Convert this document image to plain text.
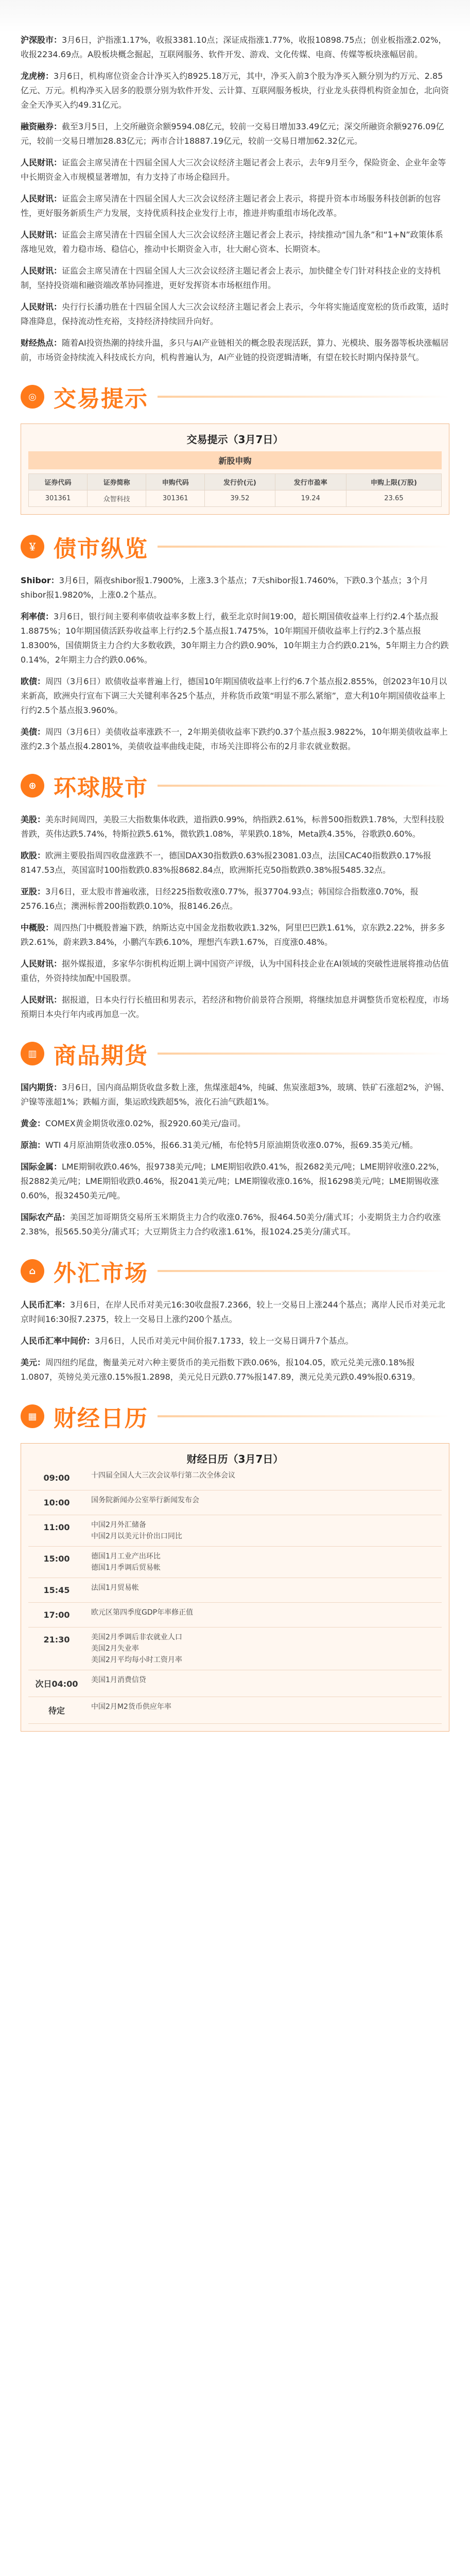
沪深股市：3月6日，沪指涨1.17%，收报3381.10点；深证成指涨1.77%，收报10898.75点；创业板指涨2.02%，收报2234.69点。A股板块概念掘起，互联网服务、软件开发、游戏、文化传媒、电商、传媒等板块涨幅居前。

龙虎榜：3月6日，机构席位资金合计净买入约8925.18万元，其中，净买入前3个股为净买入额分别为约万元、2.85亿元、万元。机构净买入居多的股票分别为软件开发、云计算、互联网服务板块，行业龙头获得机构资金加仓，北向资金全天净买入约49.31亿元。

融资融券：截至3月5日，上交所融资余额9594.08亿元，较前一交易日增加33.49亿元；深交所融资余额9276.09亿元，较前一交易日增加28.83亿元；两市合计18887.19亿元，较前一交易日增加62.32亿元。

人民财讯：证监会主席吴清在十四届全国人大三次会议经济主题记者会上表示，去年9月至今，保险资金、企业年金等中长期资金入市规模显著增加，有力支持了市场企稳回升。

人民财讯：证监会主席吴清在十四届全国人大三次会议经济主题记者会上表示，将提升资本市场服务科技创新的包容性，更好服务新质生产力发展，支持优质科技企业发行上市，推进并购重组市场化改革。

人民财讯：证监会主席吴清在十四届全国人大三次会议经济主题记者会上表示，持续推动“国九条”和“1+N”政策体系落地见效，着力稳市场、稳信心，推动中长期资金入市，壮大耐心资本、长期资本。

人民财讯：证监会主席吴清在十四届全国人大三次会议经济主题记者会上表示，加快健全专门针对科技企业的支持机制，坚持投资端和融资端改革协同推进，更好发挥资本市场枢纽作用。

人民财讯：央行行长潘功胜在十四届全国人大三次会议经济主题记者会上表示，今年将实施适度宽松的货币政策，适时降准降息，保持流动性充裕，支持经济持续回升向好。

财经热点：随着AI投资热潮的持续升温，多只与AI产业链相关的概念股表现活跃，算力、光模块、服务器等板块涨幅居前，市场资金持续流入科技成长方向，机构普遍认为，AI产业链的投资逻辑清晰，有望在较长时期内保持景气。

◎ 交易提示
交易提示（3月7日）
新股申购
证券代码	证券简称	申购代码	发行价(元)	发行市盈率	申购上限(万股)
301361	众智科技	301361	39.52	19.24	23.65
￥ 债市纵览

Shibor：3月6日，隔夜shibor报1.7900%，上涨3.3个基点；7天shibor报1.7460%，下跌0.3个基点；3个月shibor报1.9820%，上涨0.2个基点。

利率债：3月6日，银行间主要利率债收益率多数上行，截至北京时间19:00，超长期国债收益率上行约2.4个基点报1.8875%；10年期国债活跃券收益率上行约2.5个基点报1.7475%，10年期国开债收益率上行约2.3个基点报1.8300%，国债期货主力合约大多数收跌，30年期主力合约跌0.90%，10年期主力合约跌0.21%，5年期主力合约跌0.14%，2年期主力合约跌0.06%。

欧债：周四（3月6日）欧债收益率普遍上行，德国10年期国债收益率上行约6.7个基点报2.855%，创2023年10月以来新高，欧洲央行宣布下调三大关键利率各25个基点，并称货币政策“明显不那么紧缩”，意大利10年期国债收益率上行约2.5个基点报3.960%。

美债：周四（3月6日）美债收益率涨跌不一，2年期美债收益率下跌约0.37个基点报3.9822%，10年期美债收益率上涨约2.3个基点报4.2801%，美债收益率曲线走陡，市场关注即将公布的2月非农就业数据。

⊕ 环球股市

美股：美东时间周四，美股三大指数集体收跌，道指跌0.99%，纳指跌2.61%，标普500指数跌1.78%，大型科技股普跌，英伟达跌5.74%，特斯拉跌5.61%，微软跌1.08%，苹果跌0.18%，Meta跌4.35%，谷歌跌0.60%。

欧股：欧洲主要股指周四收盘涨跌不一，德国DAX30指数跌0.63%报23081.03点，法国CAC40指数跌0.17%报8147.53点，英国富时100指数跌0.83%报8682.84点，欧洲斯托克50指数跌0.38%报5485.32点。

亚股：3月6日，亚太股市普遍收涨，日经225指数收涨0.77%，报37704.93点；韩国综合指数涨0.70%，报2576.16点；澳洲标普200指数跌0.10%，报8146.26点。

中概股：周四热门中概股普遍下跌，纳斯达克中国金龙指数收跌1.32%，阿里巴巴跌1.61%，京东跌2.22%，拼多多跌2.61%，蔚来跌3.84%，小鹏汽车跌6.10%，理想汽车跌1.67%，百度涨0.48%。

人民财讯：据外媒报道，多家华尔街机构近期上调中国资产评级，认为中国科技企业在AI领域的突破性进展将推动估值重估，外资持续加配中国股票。

人民财讯：据报道，日本央行行长植田和男表示，若经济和物价前景符合预期，将继续加息并调整货币宽松程度，市场预期日本央行年内或再加息一次。

▥ 商品期货

国内期货：3月6日，国内商品期货收盘多数上涨，焦煤涨超4%，纯碱、焦炭涨超3%，玻璃、铁矿石涨超2%，沪锡、沪镍等涨超1%；跌幅方面，集运欧线跌超5%，液化石油气跌超1%。

黄金：COMEX黄金期货收涨0.02%，报2920.60美元/盎司。

原油：WTI 4月原油期货收涨0.05%，报66.31美元/桶，布伦特5月原油期货收涨0.07%，报69.35美元/桶。

国际金属：LME期铜收跌0.46%，报9738美元/吨；LME期铝收跌0.41%，报2682美元/吨；LME期锌收涨0.22%，报2882美元/吨；LME期铅收跌0.46%，报2041美元/吨；LME期镍收涨0.16%，报16298美元/吨；LME期锡收涨0.60%，报32450美元/吨。

国际农产品：美国芝加哥期货交易所玉米期货主力合约收涨0.76%，报464.50美分/蒲式耳；小麦期货主力合约收涨2.38%，报565.50美分/蒲式耳；大豆期货主力合约收涨1.61%，报1024.25美分/蒲式耳。

⌂ 外汇市场

人民币汇率：3月6日，在岸人民币对美元16:30收盘报7.2366，较上一交易日上涨244个基点；离岸人民币对美元北京时间16:30报7.2375，较上一交易日上涨约200个基点。

人民币汇率中间价：3月6日，人民币对美元中间价报7.1733，较上一交易日调升7个基点。

美元：周四纽约尾盘，衡量美元对六种主要货币的美元指数下跌0.06%，报104.05，欧元兑美元涨0.18%报1.0807，英镑兑美元涨0.15%报1.2898，美元兑日元跌0.77%报147.89，澳元兑美元跌0.49%报0.6319。

▦ 财经日历
财经日历（3月7日）
09:00	十四届全国人大三次会议举行第二次全体会议
10:00	国务院新闻办公室举行新闻发布会
11:00	中国2月外汇储备
中国2月以美元计价出口同比
15:00	德国1月工业产出环比
德国1月季调后贸易帐
15:45	法国1月贸易帐
17:00	欧元区第四季度GDP年率修正值
21:30	美国2月季调后非农就业人口
美国2月失业率
美国2月平均每小时工资月率
次日04:00	美国1月消费信贷
待定	中国2月M2货币供应年率
